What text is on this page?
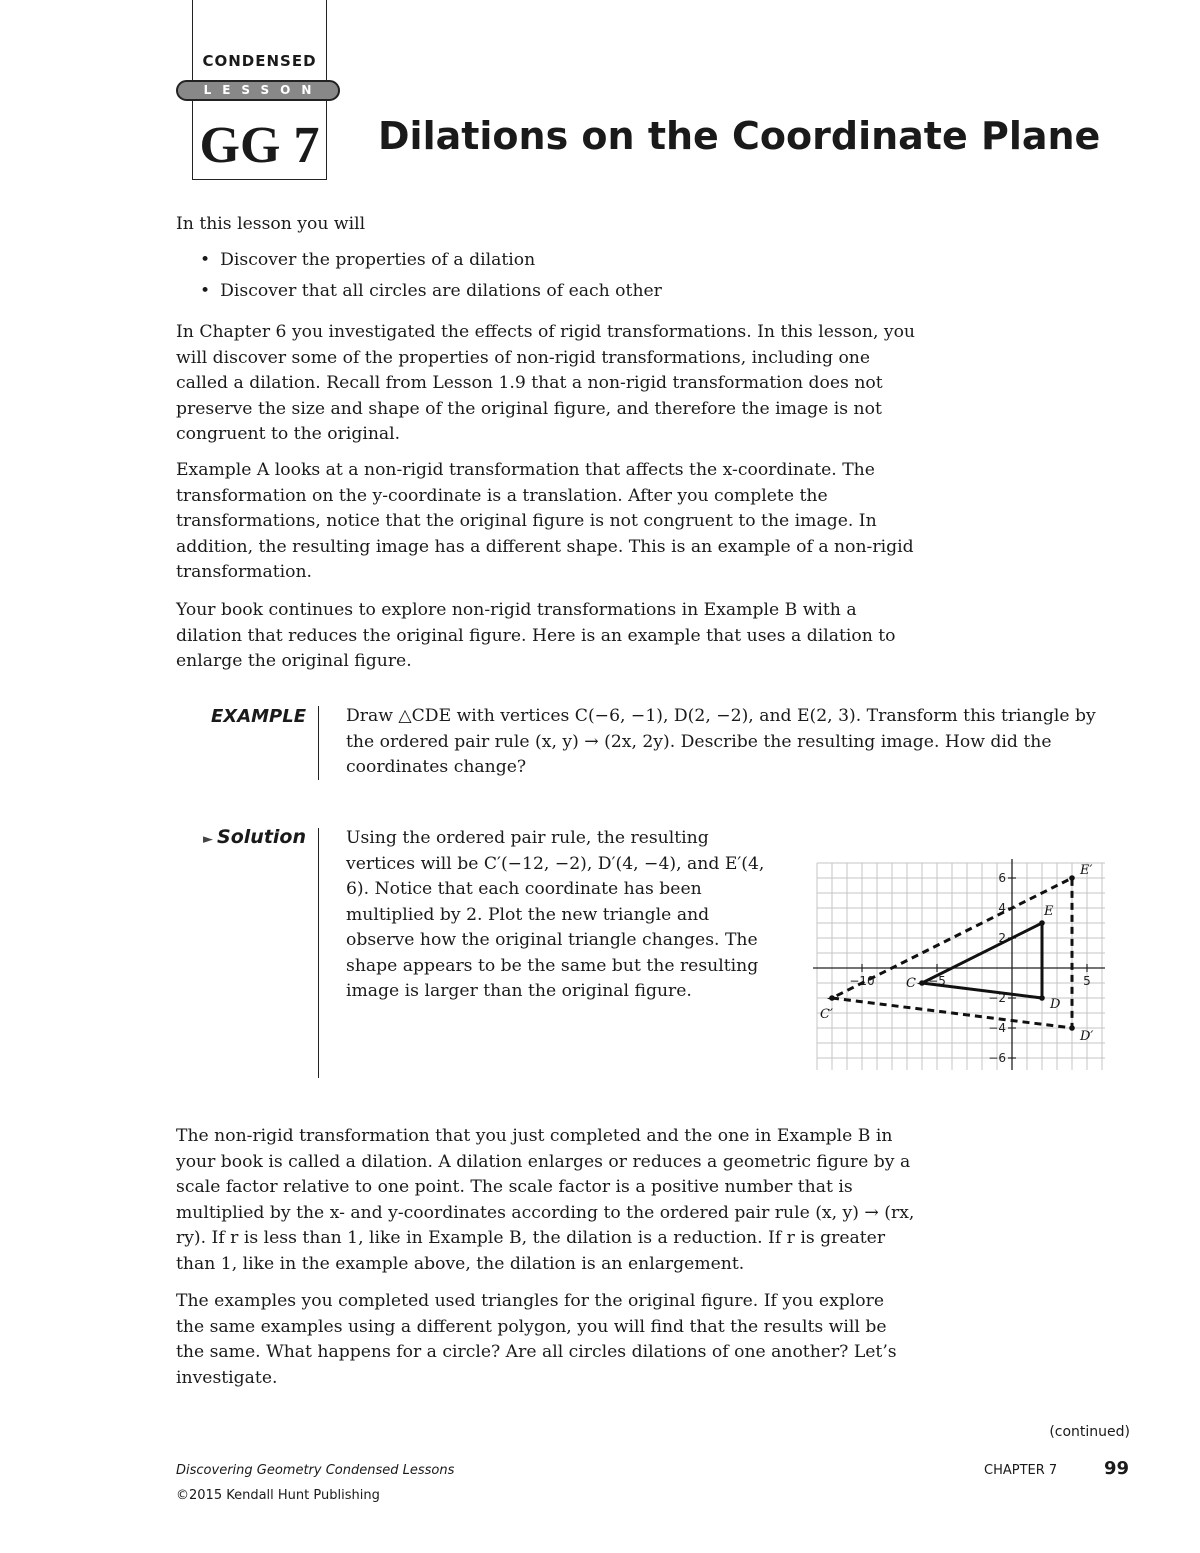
CONDENSED
LESSON
GG 7 Dilations on the Coordinate Plane

In this lesson you will

• Discover the properties of a dilation
• Discover that all circles are dilations of each other

In Chapter 6 you investigated the effects of rigid transformations. In this lesson, you will discover some of the properties of non-rigid transformations, including one called a dilation. Recall from Lesson 1.9 that a non-rigid transformation does not preserve the size and shape of the original figure, and therefore the image is not congruent to the original.

Example A looks at a non-rigid transformation that affects the x-coordinate. The transformation on the y-coordinate is a translation. After you complete the transformations, notice that the original figure is not congruent to the image. In addition, the resulting image has a different shape. This is an example of a non-rigid transformation.

Your book continues to explore non-rigid transformations in Example B with a dilation that reduces the original figure. Here is an example that uses a dilation to enlarge the original figure.

EXAMPLE Draw △CDE with vertices C(−6, −1), D(2, −2), and E(2, 3). Transform this triangle by the ordered pair rule (x, y) → (2x, 2y). Describe the resulting image. How did the coordinates change?

► Solution Using the ordered pair rule, the resulting vertices will be C′(−12, −2), D′(4, −4), and E′(4, 6). Notice that each coordinate has been multiplied by 2. Plot the new triangle and observe how the original triangle changes. The shape appears to be the same but the resulting image is larger than the original figure.	−10	−5	5
6
4
2
−2
−4
−6
C
D
E
C′
D′
E′

The non-rigid transformation that you just completed and the one in Example B in your book is called a dilation. A dilation enlarges or reduces a geometric figure by a scale factor relative to one point. The scale factor is a positive number that is multiplied by the x- and y-coordinates according to the ordered pair rule (x, y) → (rx, ry). If r is less than 1, like in Example B, the dilation is a reduction. If r is greater than 1, like in the example above, the dilation is an enlargement.

The examples you completed used triangles for the original figure. If you explore the same examples using a different polygon, you will find that the results will be the same. What happens for a circle? Are all circles dilations of one another? Let’s investigate.

(continued)
Discovering Geometry Condensed Lessons
©2015 Kendall Hunt Publishing
CHAPTER 7	99
